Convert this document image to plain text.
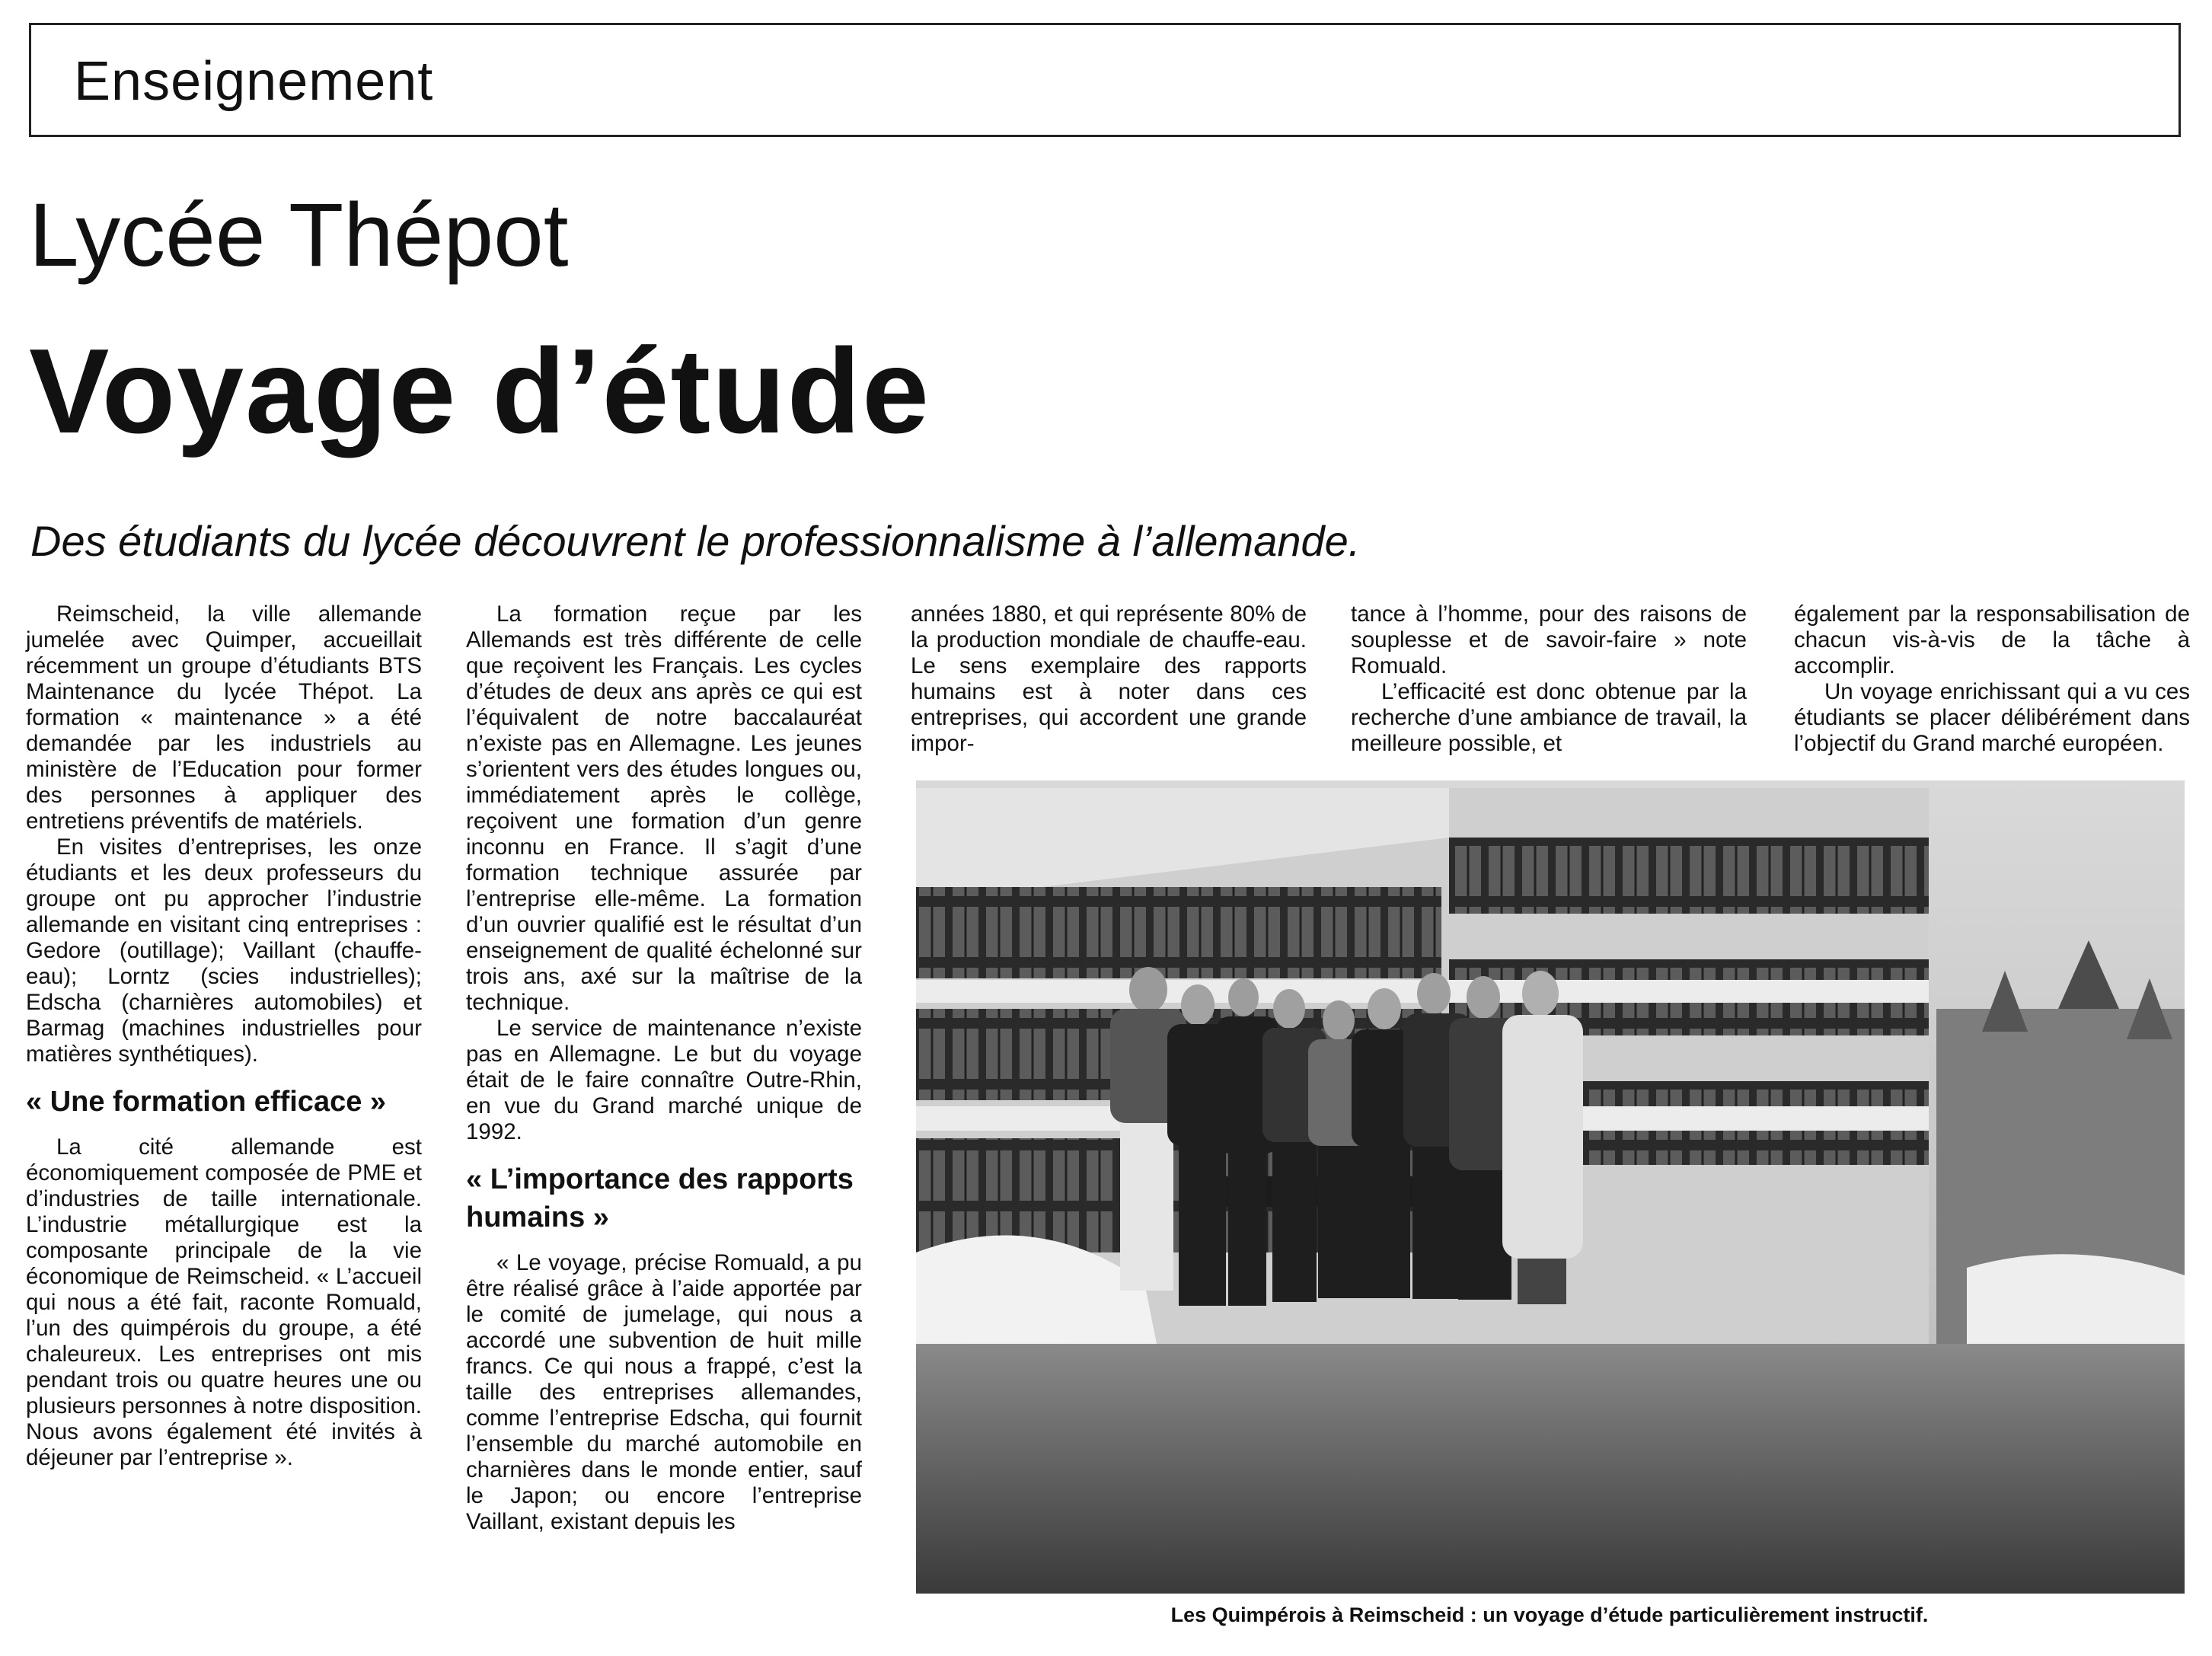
Enseignement
Lycée Thépot
Voyage d’étude
Des étudiants du lycée découvrent le professionnalisme à l’allemande.

Reimscheid, la ville allemande jumelée avec Quimper, accueillait récemment un groupe d’étudiants BTS Maintenance du lycée Thépot. La formation « maintenance » a été demandée par les industriels au ministère de l’Education pour former des personnes à appliquer des entretiens préventifs de matériels.

En visites d’entreprises, les onze étudiants et les deux professeurs du groupe ont pu approcher l’industrie allemande en visitant cinq entreprises : Gedore (outillage); Vaillant (chauffe-eau); Lorntz (scies industrielles); Edscha (charnières automobiles) et Barmag (machines industrielles pour matières synthétiques).

« Une formation efficace »

La cité allemande est économiquement composée de PME et d’industries de taille internationale. L’industrie métallurgique est la composante principale de la vie économique de Reimscheid. « L’accueil qui nous a été fait, raconte Romuald, l’un des quimpérois du groupe, a été chaleureux. Les entreprises ont mis pendant trois ou quatre heures une ou plusieurs personnes à notre disposition. Nous avons également été invités à déjeuner par l’entreprise ».

La formation reçue par les Allemands est très différente de celle que reçoivent les Français. Les cycles d’études de deux ans après ce qui est l’équivalent de notre baccalauréat n’existe pas en Allemagne. Les jeunes s’orientent vers des études longues ou, immédiatement après le collège, reçoivent une formation d’un genre inconnu en France. Il s’agit d’une formation technique assurée par l’entreprise elle-même. La formation d’un ouvrier qualifié est le résultat d’un enseignement de qualité échelonné sur trois ans, axé sur la maîtrise de la technique.

Le service de maintenance n’existe pas en Allemagne. Le but du voyage était de le faire connaître Outre-Rhin, en vue du Grand marché unique de 1992.

« L’importance des rapports humains »

« Le voyage, précise Romuald, a pu être réalisé grâce à l’aide apportée par le comité de jumelage, qui nous a accordé une subvention de huit mille francs. Ce qui nous a frappé, c’est la taille des entreprises allemandes, comme l’entreprise Edscha, qui fournit l’ensemble du marché automobile en charnières dans le monde entier, sauf le Japon; ou encore l’entreprise Vaillant, existant depuis les

années 1880, et qui représente 80% de la production mondiale de chauffe-eau. Le sens exemplaire des rapports humains est à noter dans ces entreprises, qui accordent une grande impor-

tance à l’homme, pour des raisons de souplesse et de savoir-faire » note Romuald.

L’efficacité est donc obtenue par la recherche d’une ambiance de travail, la meilleure possible, et

également par la responsabilisation de chacun vis-à-vis de la tâche à accomplir.

Un voyage enrichissant qui a vu ces étudiants se placer délibérément dans l’objectif du Grand marché européen.

Les Quimpérois à Reimscheid : un voyage d’étude particulièrement instructif.
